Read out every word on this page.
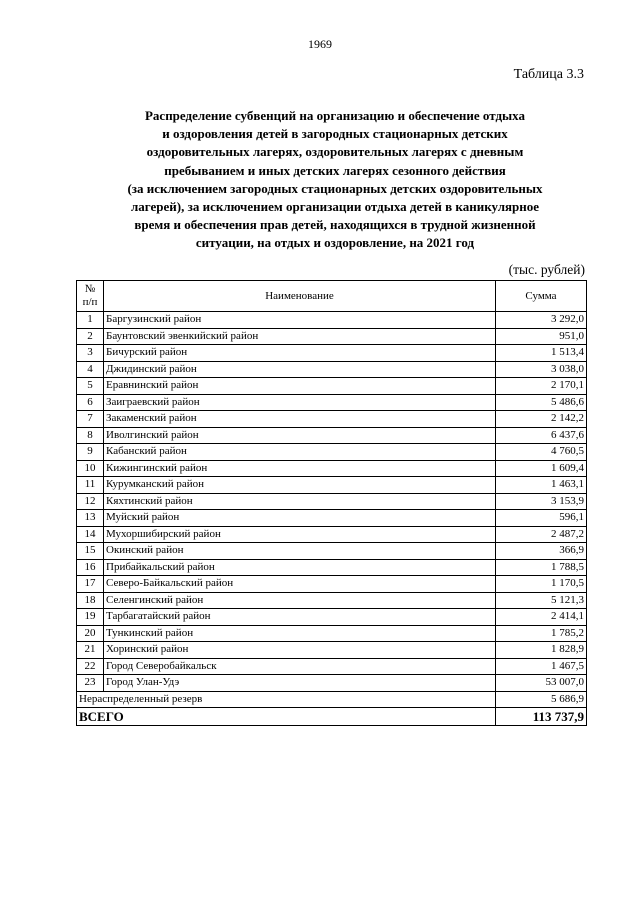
1969
Таблица 3.3
Распределение субвенций на организацию и обеспечение отдыха
и оздоровления детей в загородных стационарных детских
оздоровительных лагерях, оздоровительных лагерях с дневным
пребыванием и иных детских лагерях сезонного действия
(за исключением загородных стационарных детских оздоровительных
лагерей), за исключением организации отдыха детей в каникулярное
время и обеспечения прав детей, находящихся в трудной жизненной
ситуации, на отдых и оздоровление, на 2021 год
(тыс. рублей)
№
п/п	Наименование	Сумма
1	Баргузинский район	3 292,0
2	Баунтовский эвенкийский район	951,0
3	Бичурский район	1 513,4
4	Джидинский район	3 038,0
5	Еравнинский район	2 170,1
6	Заиграевский район	5 486,6
7	Закаменский район	2 142,2
8	Иволгинский район	6 437,6
9	Кабанский район	4 760,5
10	Кижингинский район	1 609,4
11	Курумканский район	1 463,1
12	Кяхтинский район	3 153,9
13	Муйский район	596,1
14	Мухоршибирский район	2 487,2
15	Окинский район	366,9
16	Прибайкальский район	1 788,5
17	Северо-Байкальский район	1 170,5
18	Селенгинский район	5 121,3
19	Тарбагатайский район	2 414,1
20	Тункинский район	1 785,2
21	Хоринский район	1 828,9
22	Город Северобайкальск	1 467,5
23	Город Улан-Удэ	53 007,0
Нераспределенный резерв		5 686,9
ВСЕГО		113 737,9
